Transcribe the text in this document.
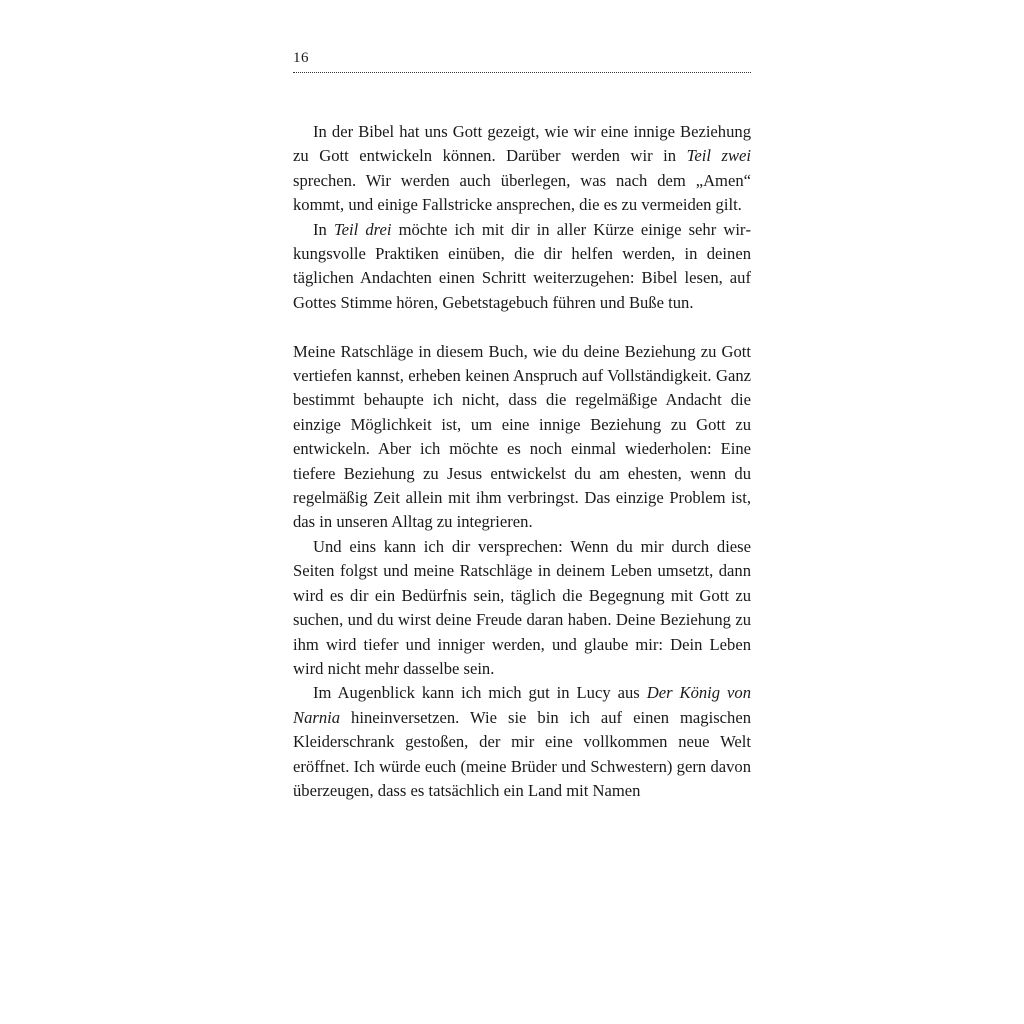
16

In der Bibel hat uns Gott gezeigt, wie wir eine innige Beziehung zu Gott entwickeln können. Darüber werden wir in Teil zwei sprechen. Wir werden auch überlegen, was nach dem „Amen“ kommt, und einige Fallstricke ansprechen, die es zu vermeiden gilt.

In Teil drei möchte ich mit dir in aller Kürze einige sehr wirkungsvolle Praktiken einüben, die dir helfen werden, in deinen täglichen Andachten einen Schritt weiterzugehen: Bibel lesen, auf Gottes Stimme hören, Gebetstagebuch führen und Buße tun.

Meine Ratschläge in diesem Buch, wie du deine Beziehung zu Gott vertiefen kannst, erheben keinen Anspruch auf Vollständigkeit. Ganz bestimmt behaupte ich nicht, dass die regelmäßige Andacht die einzige Möglichkeit ist, um eine innige Beziehung zu Gott zu entwickeln. Aber ich möchte es noch einmal wiederholen: Eine tiefere Beziehung zu Jesus entwickelst du am ehesten, wenn du regelmäßig Zeit allein mit ihm verbringst. Das einzige Problem ist, das in unseren Alltag zu integrieren.

Und eins kann ich dir versprechen: Wenn du mir durch diese Seiten folgst und meine Ratschläge in deinem Leben umsetzt, dann wird es dir ein Bedürfnis sein, täglich die Begegnung mit Gott zu suchen, und du wirst deine Freude daran haben. Deine Beziehung zu ihm wird tiefer und inniger werden, und glaube mir: Dein Leben wird nicht mehr dasselbe sein.

Im Augenblick kann ich mich gut in Lucy aus Der König von Narnia hineinversetzen. Wie sie bin ich auf einen magischen Kleiderschrank gestoßen, der mir eine vollkommen neue Welt eröffnet. Ich würde euch (meine Brüder und Schwestern) gern davon überzeugen, dass es tatsächlich ein Land mit Namen
